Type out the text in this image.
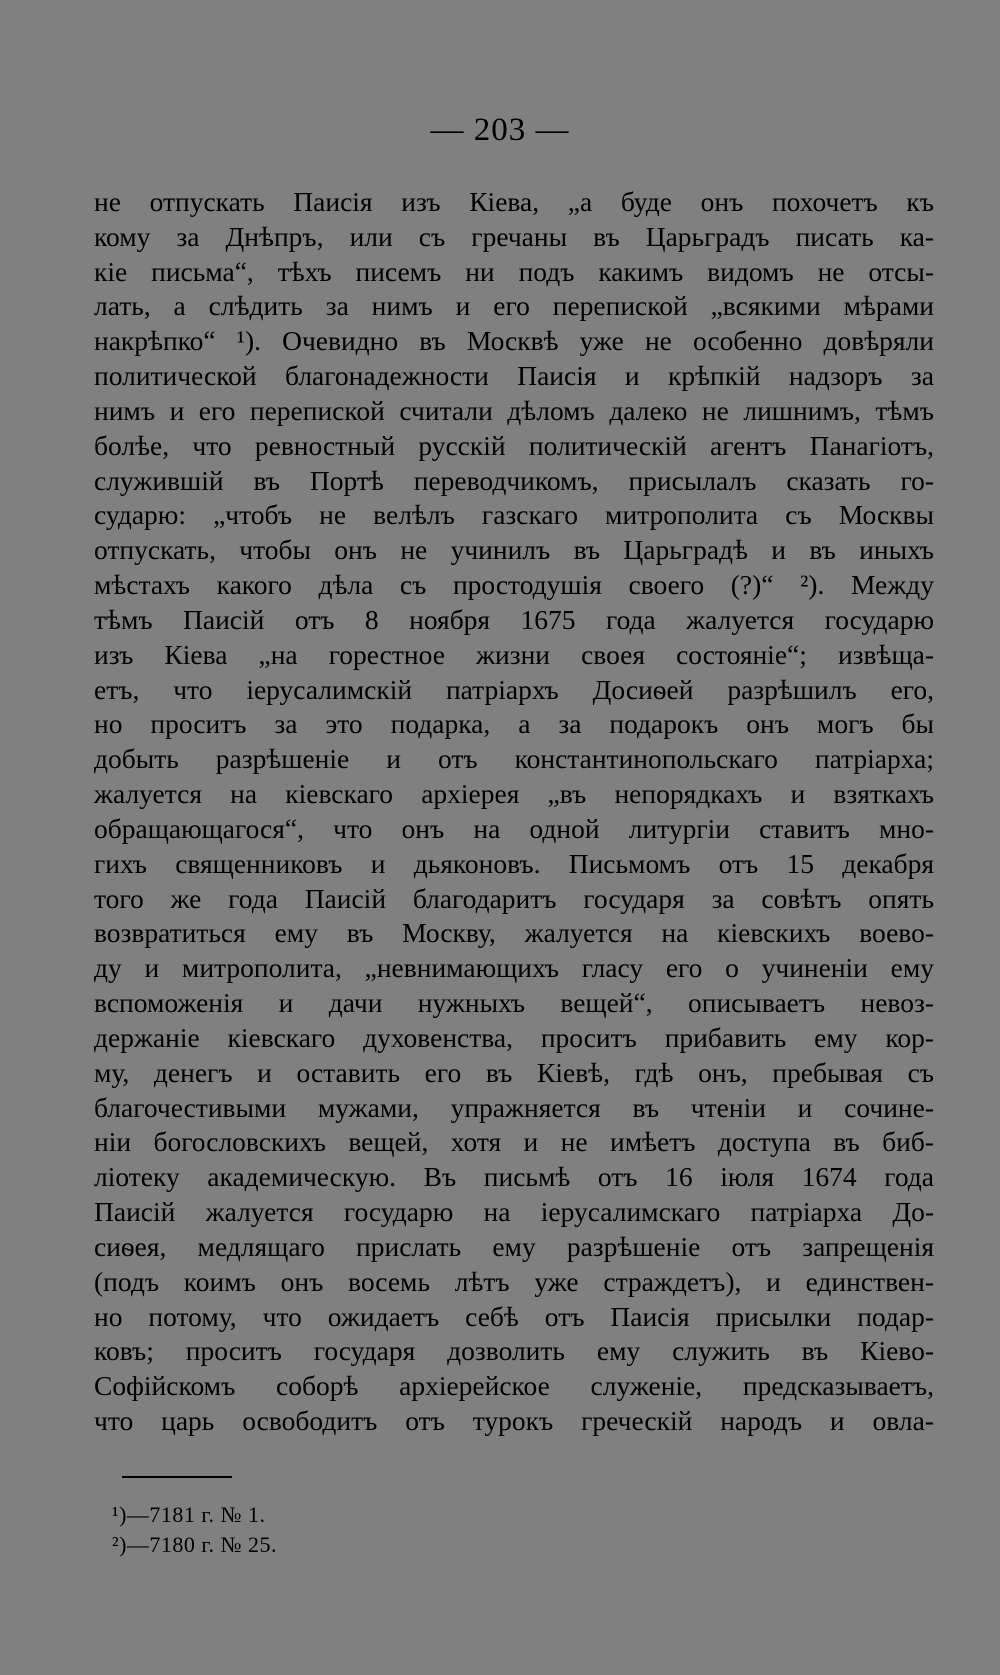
— 203 —
не отпускать Паисія изъ Кіева, „а буде онъ похочетъ къ
кому за Днѣпръ, или съ гречаны въ Царьградъ писать ка-
кіе письма“, тѣхъ писемъ ни подъ какимъ видомъ не отсы-
лать, а слѣдить за нимъ и его перепиской „всякими мѣрами
накрѣпко“ ¹). Очевидно въ Москвѣ уже не особенно довѣряли
политической благонадежности Паисія и крѣпкій надзоръ за
нимъ и его перепиской считали дѣломъ далеко не лишнимъ, тѣмъ
болѣе, что ревностный русскій политическій агентъ Панагіотъ,
служившій въ Портѣ переводчикомъ, присылалъ сказать го-
сударю: „чтобъ не велѣлъ газскаго митрополита съ Москвы
отпускать, чтобы онъ не учинилъ въ Царьградѣ и въ иныхъ
мѣстахъ какого дѣла съ простодушія своего (?)“ ²). Между
тѣмъ Паисій отъ 8 ноября 1675 года жалуется государю
изъ Кіева „на горестное жизни своея состояніе“; извѣща-
етъ, что іерусалимскій патріархъ Досиѳей разрѣшилъ его,
но проситъ за это подарка, а за подарокъ онъ могъ бы
добыть разрѣшеніе и отъ константинопольскаго патріарха;
жалуется на кіевскаго архіерея „въ непорядкахъ и взяткахъ
обращающагося“, что онъ на одной литургіи ставитъ мно-
гихъ священниковъ и дьяконовъ. Письмомъ отъ 15 декабря
того же года Паисій благодаритъ государя за совѣтъ опять
возвратиться ему въ Москву, жалуется на кіевскихъ воево-
ду и митрополита, „невнимающихъ гласу его о учиненіи ему
вспоможенія и дачи нужныхъ вещей“, описываетъ невоз-
держаніе кіевскаго духовенства, проситъ прибавить ему кор-
му, денегъ и оставить его въ Кіевѣ, гдѣ онъ, пребывая съ
благочестивыми мужами, упражняется въ чтеніи и сочине-
ніи богословскихъ вещей, хотя и не имѣетъ доступа въ биб-
ліотеку академическую. Въ письмѣ отъ 16 іюля 1674 года
Паисій жалуется государю на іерусалимскаго патріарха До-
сиѳея, медлящаго прислать ему разрѣшеніе отъ запрещенія
(подъ коимъ онъ восемь лѣтъ уже страждетъ), и единствен-
но потому, что ожидаетъ себѣ отъ Паисія присылки подар-
ковъ; проситъ государя дозволить ему служить въ Кіево-
Софійскомъ соборѣ архіерейское служеніе, предсказываетъ,
что царь освободитъ отъ турокъ греческій народъ и овла-
¹)—7181 г. № 1.
²)—7180 г. № 25.
